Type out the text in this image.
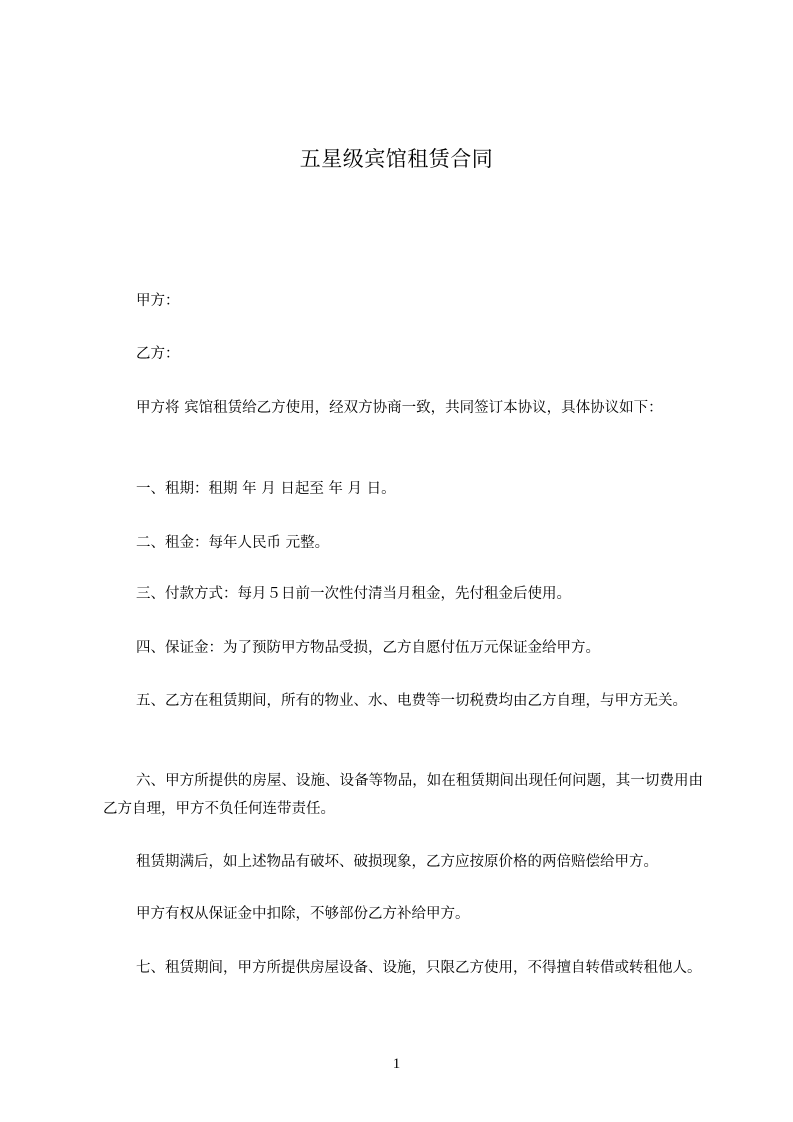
五星级宾馆租赁合同
甲方：
乙方：
甲方将 宾馆租赁给乙方使用，经双方协商一致，共同签订本协议，具体协议如下：
一、租期：租期 年 月 日起至 年 月 日。
二、租金：每年人民币 元整。
三、付款方式：每月５日前一次性付清当月租金，先付租金后使用。
四、保证金：为了预防甲方物品受损，乙方自愿付伍万元保证金给甲方。
五、乙方在租赁期间，所有的物业、水、电费等一切税费均由乙方自理，与甲方无关。
六、甲方所提供的房屋、设施、设备等物品，如在租赁期间出现任何问题，其一切费用由乙方自理，甲方不负任何连带责任。
租赁期满后，如上述物品有破坏、破损现象，乙方应按原价格的两倍赔偿给甲方。
甲方有权从保证金中扣除，不够部份乙方补给甲方。
七、租赁期间，甲方所提供房屋设备、设施，只限乙方使用，不得擅自转借或转租他人。
1
